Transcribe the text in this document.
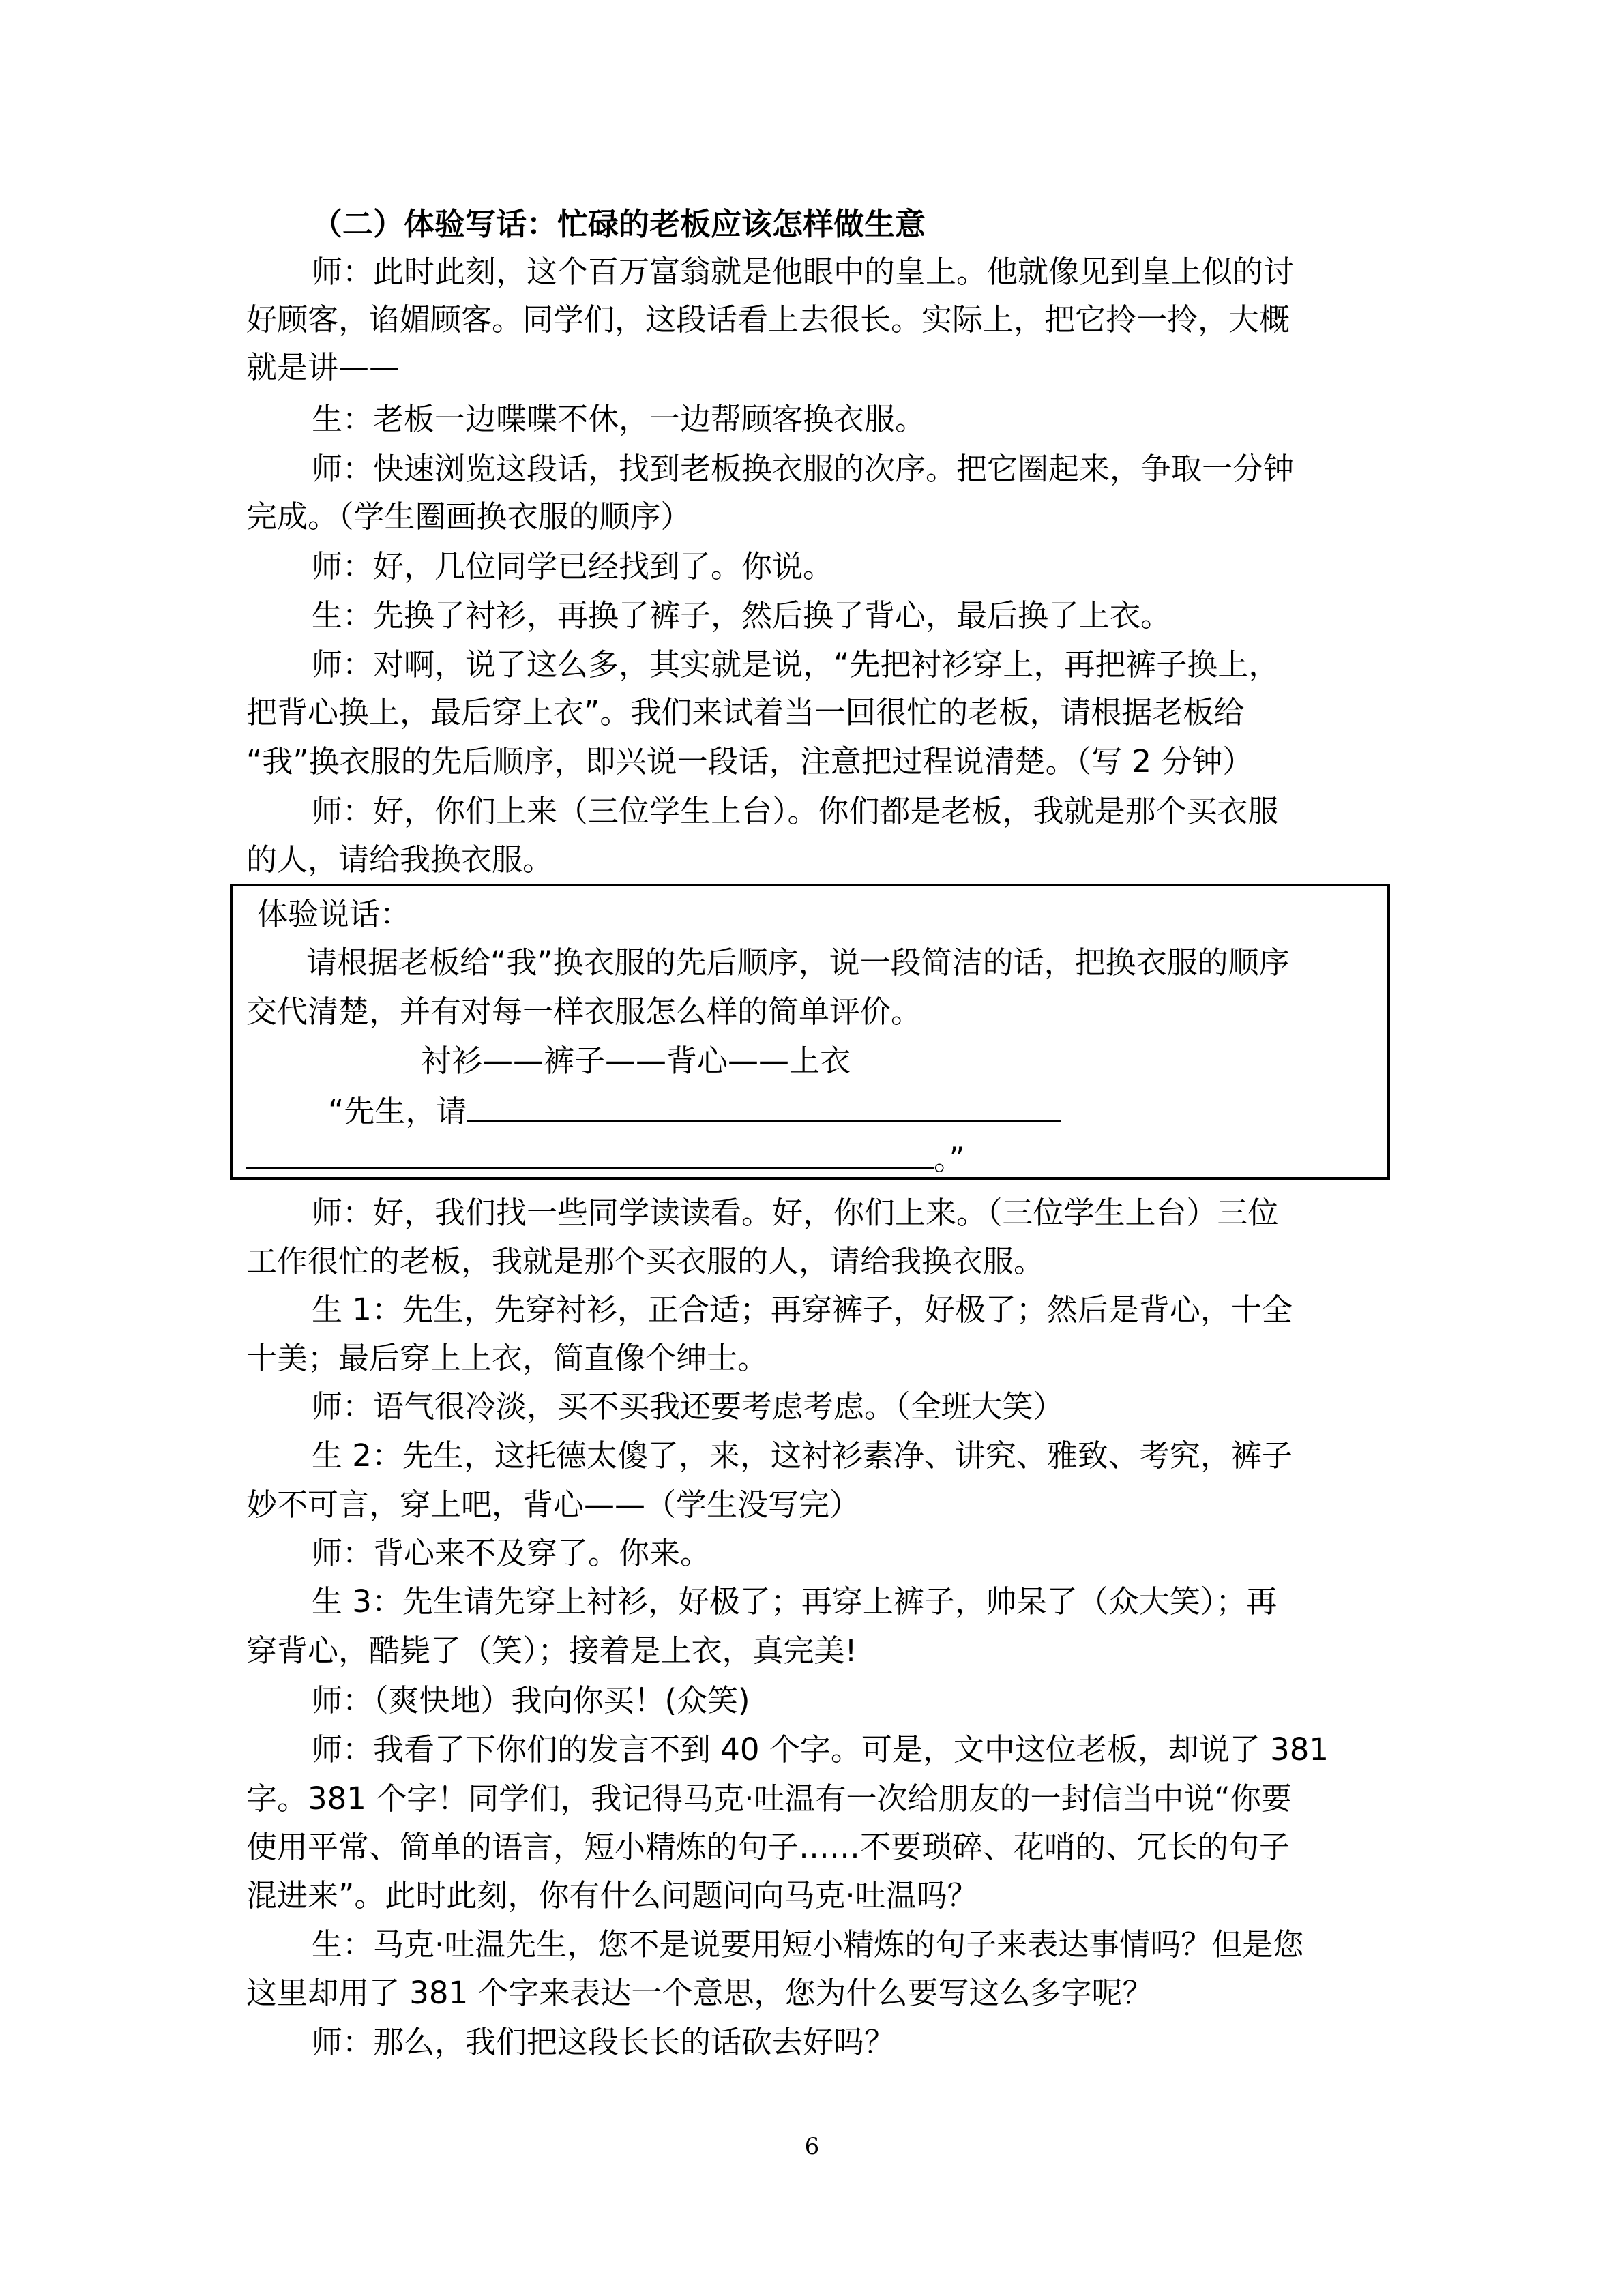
（二）体验写话：忙碌的老板应该怎样做生意
师：此时此刻，这个百万富翁就是他眼中的皇上。他就像见到皇上似的讨
好顾客，谄媚顾客。同学们，这段话看上去很长。实际上，把它拎一拎，大概
就是讲——
生：老板一边喋喋不休，一边帮顾客换衣服。
师：快速浏览这段话，找到老板换衣服的次序。把它圈起来，争取一分钟
完成。（学生圈画换衣服的顺序）
师：好，几位同学已经找到了。你说。
生：先换了衬衫，再换了裤子，然后换了背心，最后换了上衣。
师：对啊，说了这么多，其实就是说，“先把衬衫穿上，再把裤子换上，
把背心换上，最后穿上衣”。我们来试着当一回很忙的老板，请根据老板给
“我”换衣服的先后顺序，即兴说一段话，注意把过程说清楚。（写 2 分钟）
师：好，你们上来（三位学生上台）。你们都是老板，我就是那个买衣服
的人，请给我换衣服。
体验说话：
请根据老板给“我”换衣服的先后顺序，说一段简洁的话，把换衣服的顺序
交代清楚，并有对每一样衣服怎么样的简单评价。
衬衫——裤子——背心——上衣
“先生，请
。”
师：好，我们找一些同学读读看。好，你们上来。（三位学生上台）三位
工作很忙的老板，我就是那个买衣服的人，请给我换衣服。
生 1：先生，先穿衬衫，正合适；再穿裤子，好极了；然后是背心，十全
十美；最后穿上上衣，简直像个绅士。
师：语气很冷淡，买不买我还要考虑考虑。（全班大笑）
生 2：先生，这托德太傻了，来，这衬衫素净、讲究、雅致、考究，裤子
妙不可言，穿上吧，背心——（学生没写完）
师：背心来不及穿了。你来。
生 3：先生请先穿上衬衫，好极了；再穿上裤子，帅呆了（众大笑）；再
穿背心，酷毙了（笑）；接着是上衣，真完美!
师：（爽快地）我向你买！(众笑)
师：我看了下你们的发言不到 40 个字。可是，文中这位老板，却说了 381
字。381 个字！同学们，我记得马克·吐温有一次给朋友的一封信当中说“你要
使用平常、简单的语言，短小精炼的句子……不要琐碎、花哨的、冗长的句子
混进来”。此时此刻，你有什么问题问向马克·吐温吗？
生：马克·吐温先生，您不是说要用短小精炼的句子来表达事情吗？但是您
这里却用了 381 个字来表达一个意思，您为什么要写这么多字呢？
师：那么，我们把这段长长的话砍去好吗？
6
